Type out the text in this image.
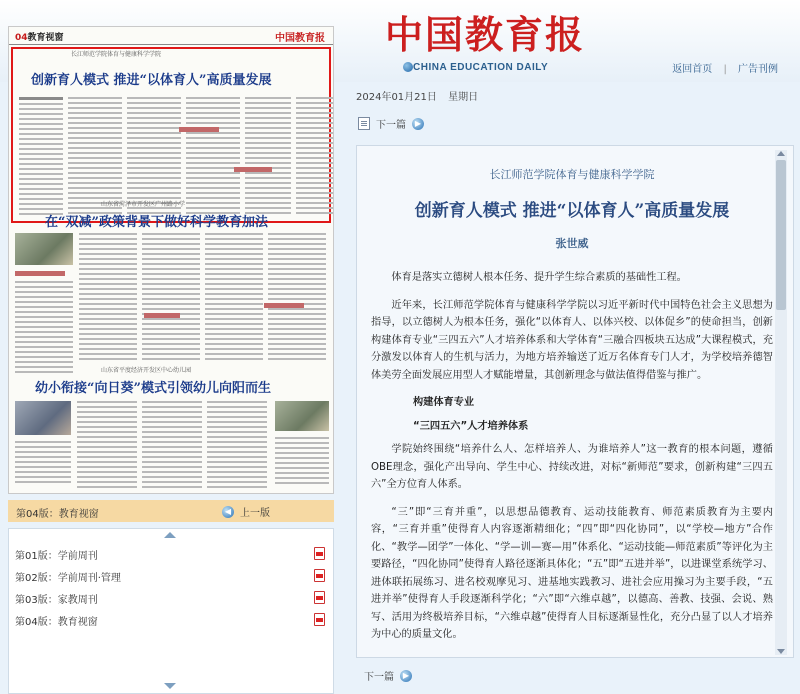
中国教育报
CHINA EDUCATION DAILY	返回首页 | 广告刊例
04教育视窗	中国教育报
长江师范学院体育与健康科学学院
创新育人模式 推进“以体育人”高质量发展
山东省菏泽市开发区广州路小学
在“双减”政策背景下做好科学教育加法
山东省平度经济开发区中心幼儿园
幼小衔接“向日葵”模式引领幼儿向阳而生
第04版：教育视窗	◀ 上一版
第01版：学前周刊
第02版：学前周刊·管理
第03版：家教周刊
第04版：教育视窗
2024年01月21日 星期日
下一篇	▶
长江师范学院体育与健康科学学院
创新育人模式 推进“以体育人”高质量发展
张世威

体育是落实立德树人根本任务、提升学生综合素质的基础性工程。

近年来，长江师范学院体育与健康科学学院以习近平新时代中国特色社会主义思想为指导，以立德树人为根本任务，强化“以体育人、以体兴校、以体促乡”的使命担当，创新构建体育专业“三四五六”人才培养体系和大学体育“三融合四板块五达成”大课程模式，充分激发以体育人的生机与活力，为地方培养输送了近万名体育专门人才，为学校培养德智体美劳全面发展应用型人才赋能增量，其创新理念与做法值得借鉴与推广。

构建体育专业

“三四五六”人才培养体系

学院始终围绕“培养什么人、怎样培养人、为谁培养人”这一教育的根本问题，遵循OBE理念，强化产出导向、学生中心、持续改进，对标“新师范”要求，创新构建“三四五六”全方位育人体系。

“三”即“三育并重”，以思想品德教育、运动技能教育、师范素质教育为主要内容，“三育并重”使得育人内容逐渐精细化；“四”即“四化协同”，以“学校—地方”合作化、“教学—团学”一体化、“学—训—赛—用”体系化、“运动技能—师范素质”等评化为主要路径，“四化协同”使得育人路径逐渐具体化；“五”即“五进并举”，以进课堂系统学习、进体联拓展练习、进名校观摩见习、进基地实践教习、进社会应用操习为主要手段，“五进并举”使得育人手段逐渐科学化；“六”即“六维卓越”，以德高、善教、技强、会说、熟写、活用为终极培养目标，“六维卓越”使得育人目标逐渐显性化，充分凸显了以人才培养为中心的质量文化。

下一篇	▶
